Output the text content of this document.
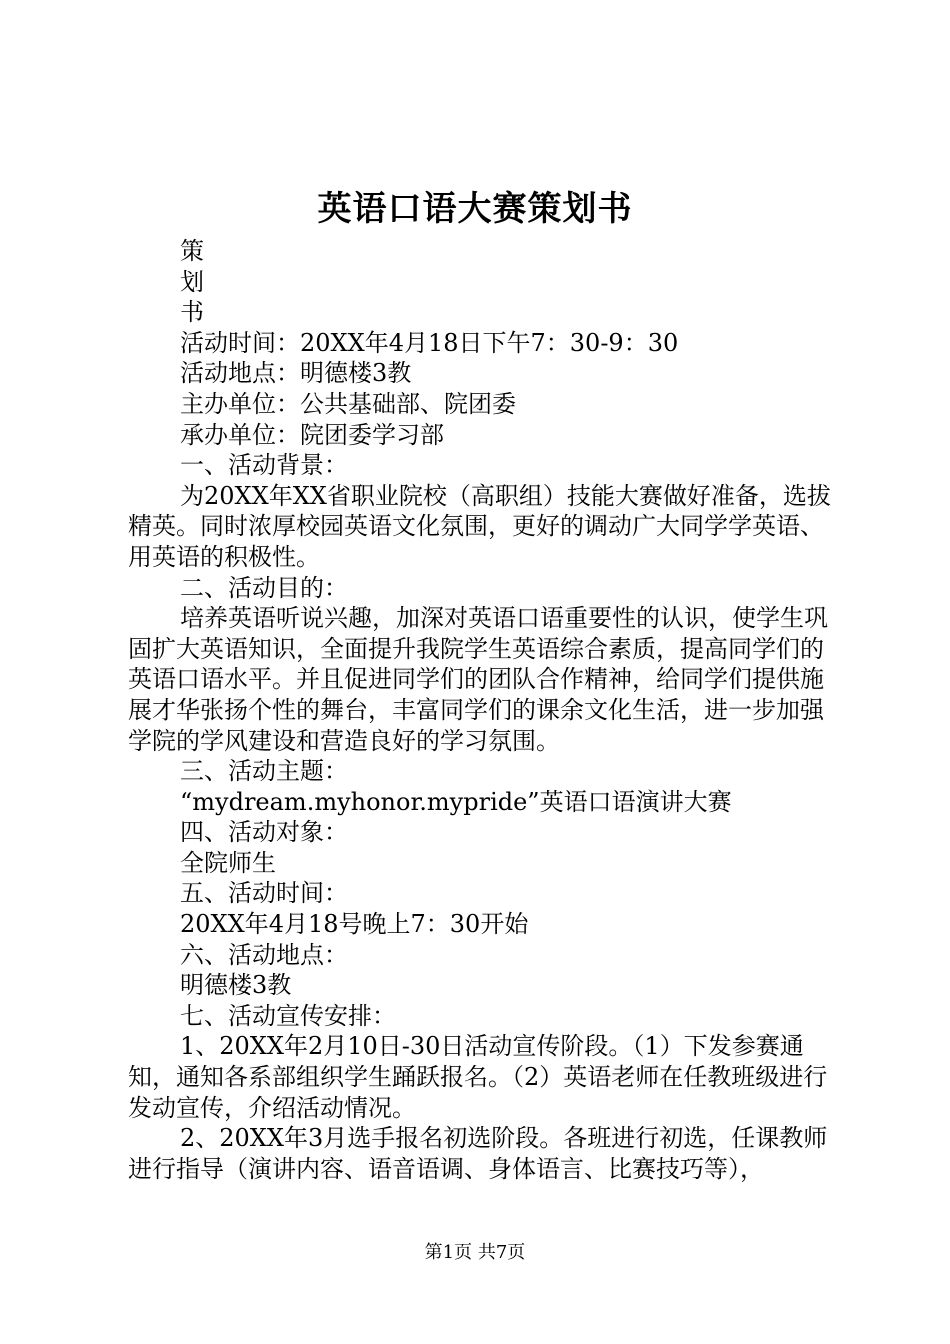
英语口语大赛策划书

策

划

书

活动时间：20XX年4月18日下午7：30-9：30

活动地点：明德楼3教

主办单位：公共基础部、院团委

承办单位：院团委学习部

一、活动背景：

为20XX年XX省职业院校（高职组）技能大赛做好准备，选拔精英。同时浓厚校园英语文化氛围，更好的调动广大同学学英语、用英语的积极性。

二、活动目的：

培养英语听说兴趣，加深对英语口语重要性的认识，使学生巩固扩大英语知识，全面提升我院学生英语综合素质，提高同学们的英语口语水平。并且促进同学们的团队合作精神，给同学们提供施展才华张扬个性的舞台，丰富同学们的课余文化生活，进一步加强学院的学风建设和营造良好的学习氛围。

三、活动主题：

“mydream.myhonor.mypride”英语口语演讲大赛

四、活动对象：

全院师生

五、活动时间：

20XX年4月18号晚上7：30开始

六、活动地点：

明德楼3教

七、活动宣传安排：

1、20XX年2月10日-30日活动宣传阶段。（1）下发参赛通知，通知各系部组织学生踊跃报名。（2）英语老师在任教班级进行发动宣传，介绍活动情况。

2、20XX年3月选手报名初选阶段。各班进行初选，任课教师进行指导（演讲内容、语音语调、身体语言、比赛技巧等），

第1页 共7页
